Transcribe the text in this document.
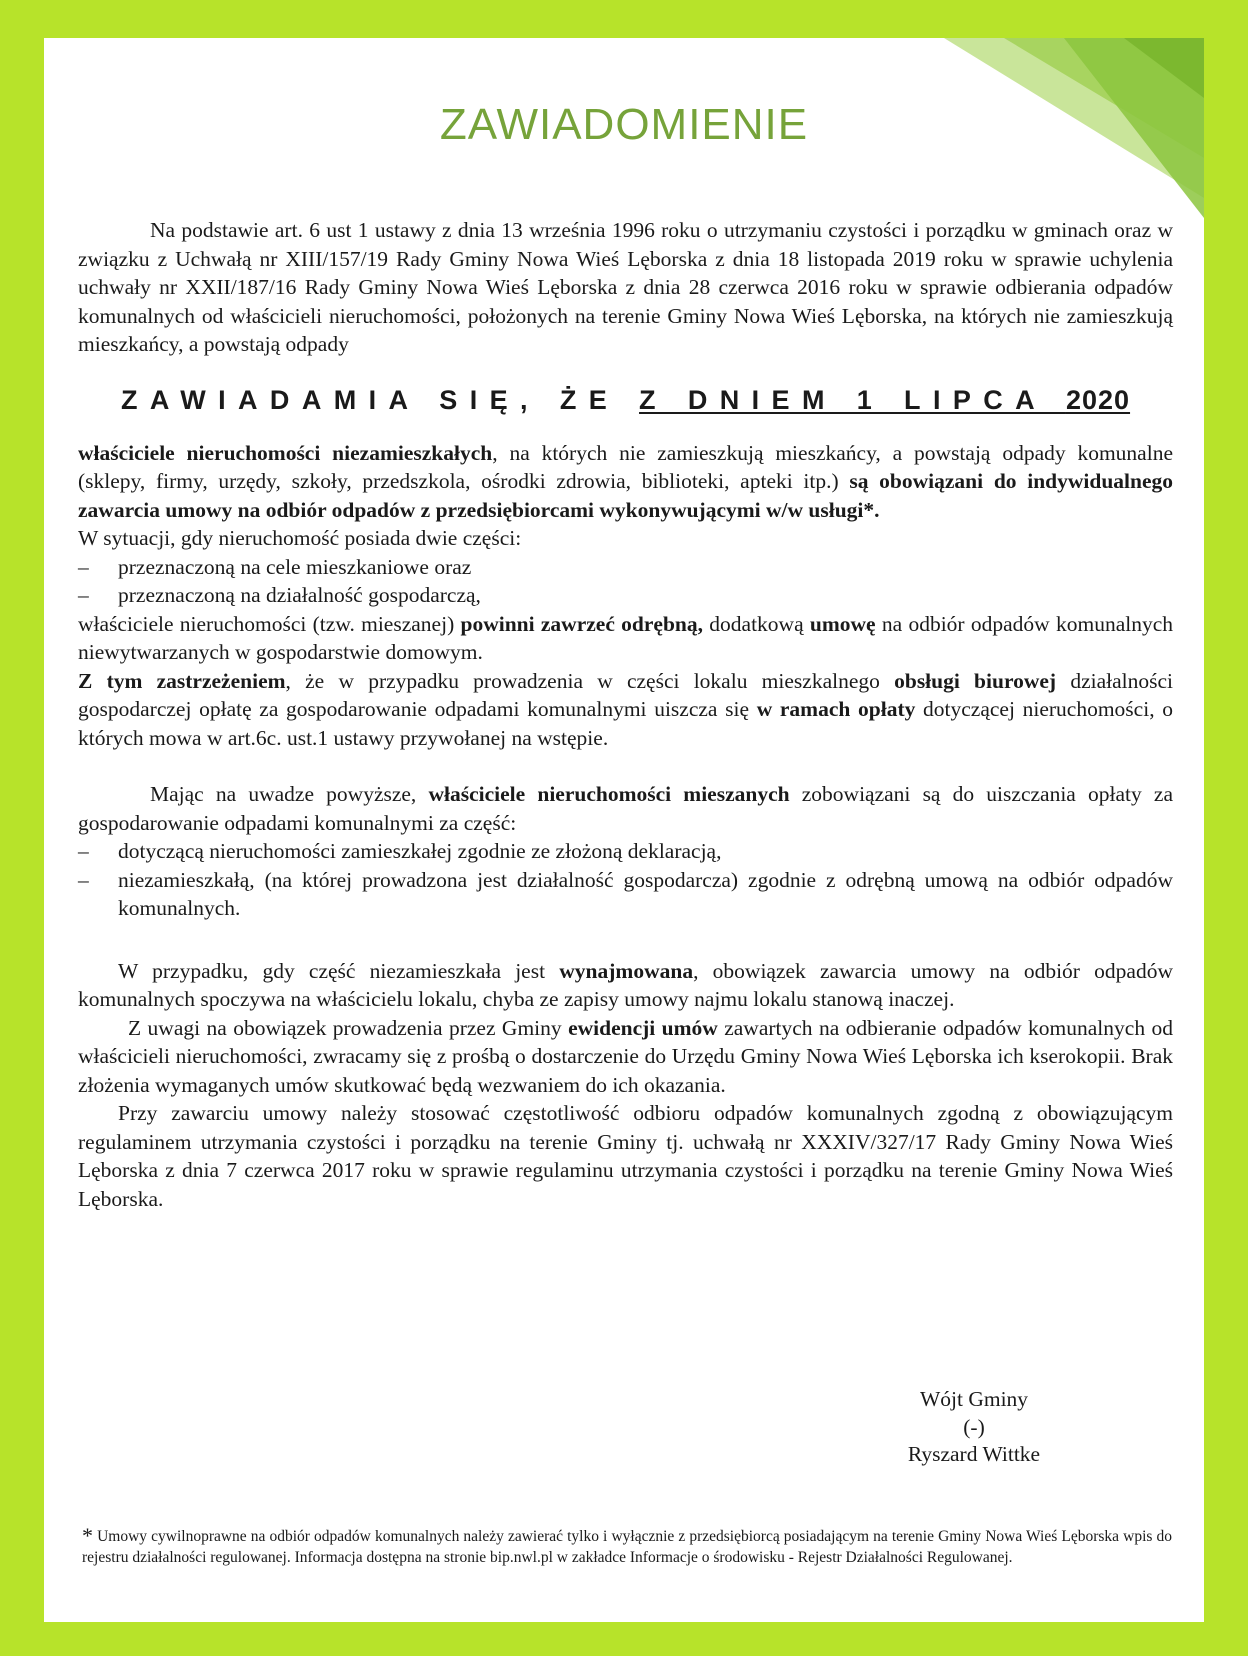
ZAWIADOMIENIE

Na podstawie art. 6 ust 1 ustawy z dnia 13 września 1996 roku o utrzymaniu czystości i porządku w gminach oraz w związku z Uchwałą nr XIII/157/19 Rady Gminy Nowa Wieś Lęborska z dnia 18 listopada 2019 roku w sprawie uchylenia uchwały nr XXII/187/16 Rady Gminy Nowa Wieś Lęborska z dnia 28 czerwca 2016 roku w sprawie odbierania odpadów komunalnych od właścicieli nieruchomości, położonych na terenie Gminy Nowa Wieś Lęborska, na których nie zamieszkują mieszkańcy, a powstają odpady

ZAWIADAMIA SIĘ, ŻE Z DNIEM 1 LIPCA 2020

właściciele nieruchomości niezamieszkałych, na których nie zamieszkują mieszkańcy, a powstają odpady komunalne (sklepy, firmy, urzędy, szkoły, przedszkola, ośrodki zdrowia, biblioteki, apteki itp.) są obowiązani do indywidualnego zawarcia umowy na odbiór odpadów z przedsiębiorcami wykonywującymi w/w usługi*.

W sytuacji, gdy nieruchomość posiada dwie części:

–	przeznaczoną na cele mieszkaniowe oraz
–	przeznaczoną na działalność gospodarczą,

właściciele nieruchomości (tzw. mieszanej) powinni zawrzeć odrębną, dodatkową umowę na odbiór odpadów komunalnych niewytwarzanych w gospodarstwie domowym.

Z tym zastrzeżeniem, że w przypadku prowadzenia w części lokalu mieszkalnego obsługi biurowej działalności gospodarczej opłatę za gospodarowanie odpadami komunalnymi uiszcza się w ramach opłaty dotyczącej nieruchomości, o których mowa w art.6c. ust.1 ustawy przywołanej na wstępie.

Mając na uwadze powyższe, właściciele nieruchomości mieszanych zobowiązani są do uiszczania opłaty za gospodarowanie odpadami komunalnymi za część:

–	dotyczącą nieruchomości zamieszkałej zgodnie ze złożoną deklaracją,
–	niezamieszkałą, (na której prowadzona jest działalność gospodarcza) zgodnie z odrębną umową na odbiór odpadów komunalnych.

W przypadku, gdy część niezamieszkała jest wynajmowana, obowiązek zawarcia umowy na odbiór odpadów komunalnych spoczywa na właścicielu lokalu, chyba ze zapisy umowy najmu lokalu stanową inaczej.

Z uwagi na obowiązek prowadzenia przez Gminy ewidencji umów zawartych na odbieranie odpadów komunalnych od właścicieli nieruchomości, zwracamy się z prośbą o dostarczenie do Urzędu Gminy Nowa Wieś Lęborska ich kserokopii. Brak złożenia wymaganych umów skutkować będą wezwaniem do ich okazania.

Przy zawarciu umowy należy stosować częstotliwość odbioru odpadów komunalnych zgodną z obowiązującym regulaminem utrzymania czystości i porządku na terenie Gminy tj. uchwałą nr XXXIV/327/17 Rady Gminy Nowa Wieś Lęborska z dnia 7 czerwca 2017 roku w sprawie regulaminu utrzymania czystości i porządku na terenie Gminy Nowa Wieś Lęborska.

Wójt Gminy
(-)
Ryszard Wittke
* Umowy cywilnoprawne na odbiór odpadów komunalnych należy zawierać tylko i wyłącznie z przedsiębiorcą posiadającym na terenie Gminy Nowa Wieś Lęborska wpis do rejestru działalności regulowanej. Informacja dostępna na stronie bip.nwl.pl w zakładce Informacje o środowisku - Rejestr Działalności Regulowanej.
